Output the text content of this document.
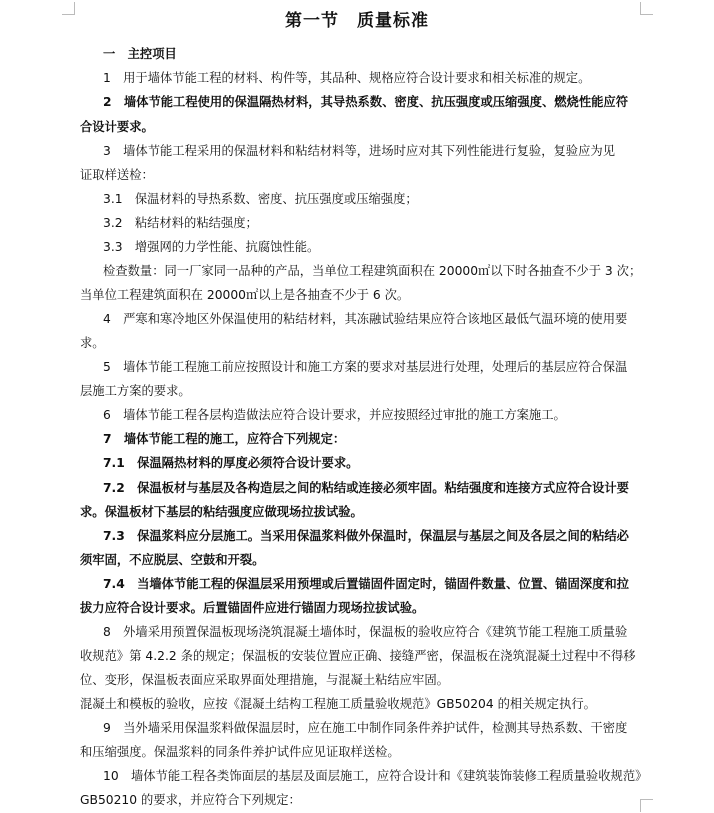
第一节　质量标准
一　主控项目
1　用于墙体节能工程的材料、构件等，其品种、规格应符合设计要求和相关标准的规定。
2　墙体节能工程使用的保温隔热材料，其导热系数、密度、抗压强度或压缩强度、燃烧性能应符
合设计要求。
3　墙体节能工程采用的保温材料和粘结材料等，进场时应对其下列性能进行复验，复验应为见
证取样送检：
3.1　保温材料的导热系数、密度、抗压强度或压缩强度；
3.2　粘结材料的粘结强度；
3.3　增强网的力学性能、抗腐蚀性能。
检查数量：同一厂家同一品种的产品，当单位工程建筑面积在 20000㎡以下时各抽查不少于 3 次；
当单位工程建筑面积在 20000㎡以上是各抽查不少于 6 次。
4　严寒和寒冷地区外保温使用的粘结材料，其冻融试验结果应符合该地区最低气温环境的使用要
求。
5　墙体节能工程施工前应按照设计和施工方案的要求对基层进行处理，处理后的基层应符合保温
层施工方案的要求。
6　墙体节能工程各层构造做法应符合设计要求，并应按照经过审批的施工方案施工。
7　墙体节能工程的施工，应符合下列规定：
7.1　保温隔热材料的厚度必须符合设计要求。
7.2　保温板材与基层及各构造层之间的粘结或连接必须牢固。粘结强度和连接方式应符合设计要
求。保温板材下基层的粘结强度应做现场拉拔试验。
7.3　保温浆料应分层施工。当采用保温浆料做外保温时，保温层与基层之间及各层之间的粘结必
须牢固，不应脱层、空鼓和开裂。
7.4　当墙体节能工程的保温层采用预埋或后置锚固件固定时，锚固件数量、位置、锚固深度和拉
拔力应符合设计要求。后置锚固件应进行锚固力现场拉拔试验。
8　外墙采用预置保温板现场浇筑混凝土墙体时，保温板的验收应符合《建筑节能工程施工质量验
收规范》第 4.2.2 条的规定；保温板的安装位置应正确、接缝严密，保温板在浇筑混凝土过程中不得移
位、变形，保温板表面应采取界面处理措施，与混凝土粘结应牢固。
混凝土和模板的验收，应按《混凝土结构工程施工质量验收规范》GB50204 的相关规定执行。
9　当外墙采用保温浆料做保温层时，应在施工中制作同条件养护试件，检测其导热系数、干密度
和压缩强度。保温浆料的同条件养护试件应见证取样送检。
10　墙体节能工程各类饰面层的基层及面层施工，应符合设计和《建筑装饰装修工程质量验收规范》
GB50210 的要求，并应符合下列规定：
